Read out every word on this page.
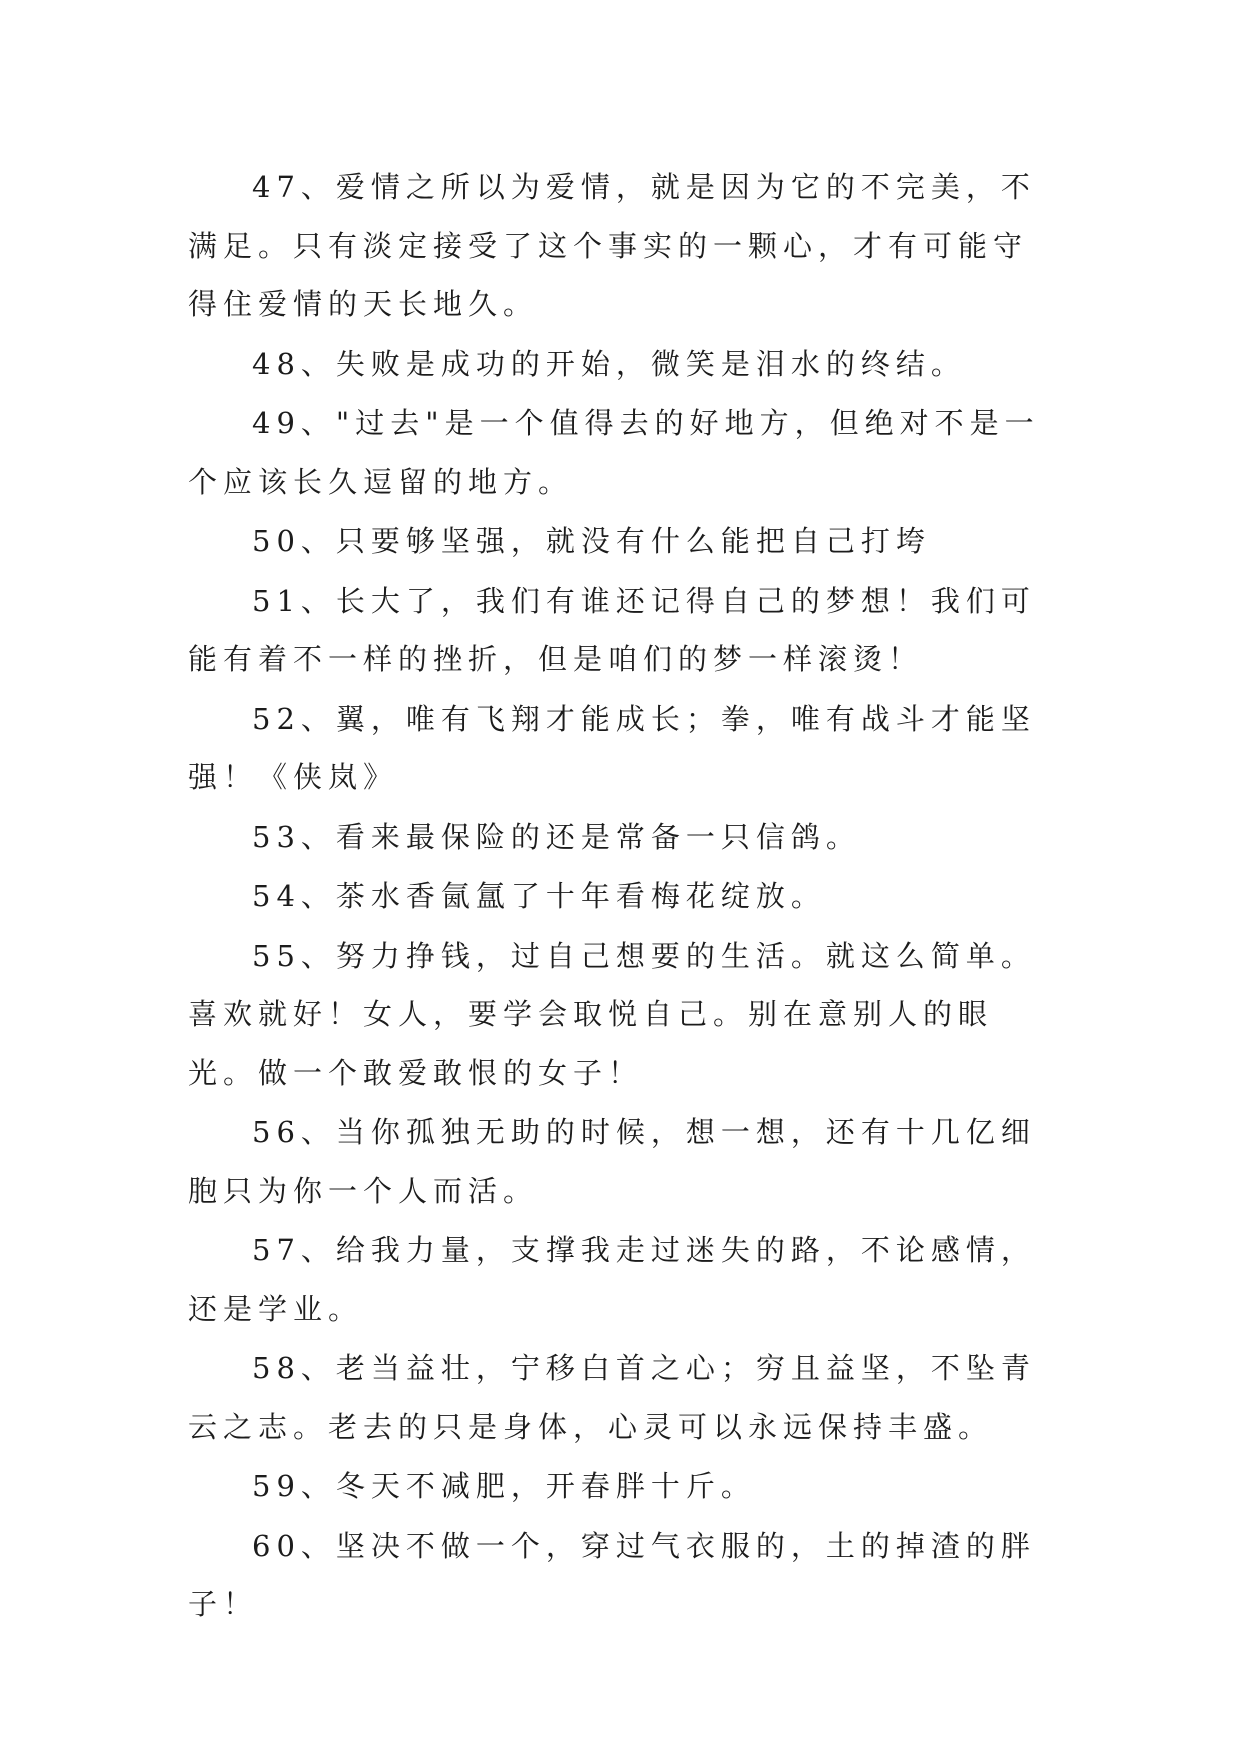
47、爱情之所以为爱情，就是因为它的不完美，不满足。只有淡定接受了这个事实的一颗心，才有可能守得住爱情的天长地久。

48、失败是成功的开始，微笑是泪水的终结。

49、"过去"是一个值得去的好地方，但绝对不是一个应该长久逗留的地方。

50、只要够坚强，就没有什么能把自己打垮

51、长大了，我们有谁还记得自己的梦想！我们可能有着不一样的挫折，但是咱们的梦一样滚烫！

52、翼，唯有飞翔才能成长；拳，唯有战斗才能坚强！《侠岚》

53、看来最保险的还是常备一只信鸽。

54、茶水香氤氲了十年看梅花绽放。

55、努力挣钱，过自己想要的生活。就这么简单。喜欢就好！女人，要学会取悦自己。别在意别人的眼光。做一个敢爱敢恨的女子！

56、当你孤独无助的时候，想一想，还有十几亿细胞只为你一个人而活。

57、给我力量，支撑我走过迷失的路，不论感情，还是学业。

58、老当益壮，宁移白首之心；穷且益坚，不坠青云之志。老去的只是身体，心灵可以永远保持丰盛。

59、冬天不减肥，开春胖十斤。

60、坚决不做一个，穿过气衣服的，土的掉渣的胖子！
